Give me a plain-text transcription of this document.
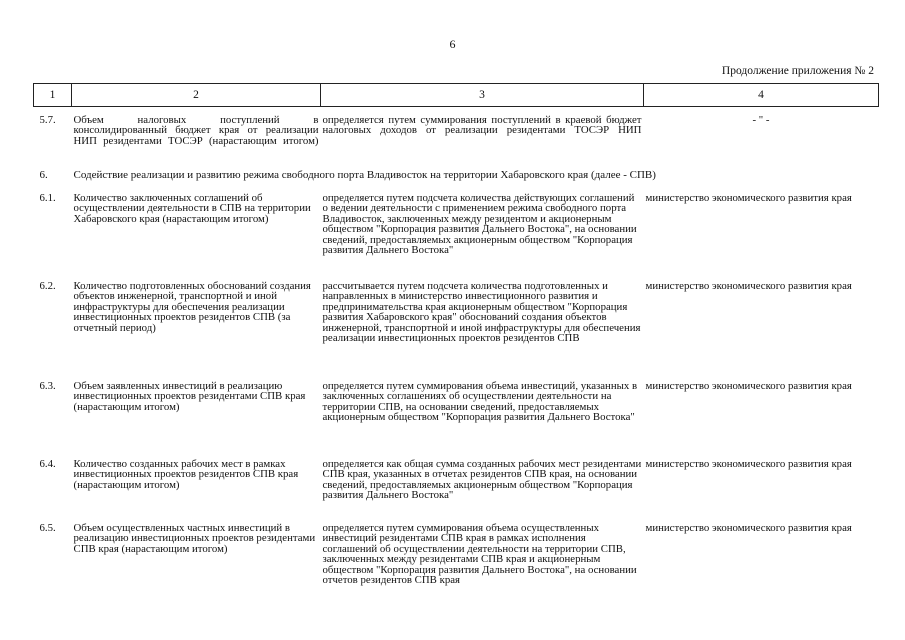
6
Продолжение приложения № 2
1	2	3	4
5.7.	Объем налоговых поступлений в консолидированный бюджет края от реализации НИП резидентами ТОСЭР (нарастающим итогом)	определяется путем суммирования поступлений в краевой бюджет налоговых доходов от реализации резидентами ТОСЭР НИП	- " -
6.	Содействие реализации и развитию режима свободного порта Владивосток на территории Хабаровского края (далее - СПВ)		
6.1.	Количество заключенных соглашений об осуществлении деятельности в СПВ на территории Хабаровского края (нарастающим итогом)	определяется путем подсчета количества действующих соглашений о ведении деятельности с применением режима свободного порта Владивосток, заключенных между резидентом и акционерным обществом "Корпорация развития Дальнего Востока", на основании сведений, предоставляемых акционерным обществом "Корпорация развития Дальнего Востока"	министерство экономического развития края
6.2.	Количество подготовленных обоснований создания объектов инженерной, транспортной и иной инфраструктуры для обеспечения реализации инвестиционных проектов резидентов СПВ (за отчетный период)	рассчитывается путем подсчета количества подготовленных и направленных в министерство инвестиционного развития и предпринимательства края акционерным обществом "Корпорация развития Хабаровского края" обоснований создания объектов инженерной, транспортной и иной инфраструктуры для обеспечения реализации инвестиционных проектов резидентов СПВ	министерство экономического развития края
6.3.	Объем заявленных инвестиций в реализацию инвестиционных проектов резидентами СПВ края (нарастающим итогом)	определяется путем суммирования объема инвестиций, указанных в заключенных соглашениях об осуществлении деятельности на территории СПВ, на основании сведений, предоставляемых акционерным обществом "Корпорация развития Дальнего Востока"	министерство экономического развития края
6.4.	Количество созданных рабочих мест в рамках инвестиционных проектов резидентов СПВ края (нарастающим итогом)	определяется как общая сумма созданных рабочих мест резидентами СПВ края, указанных в отчетах резидентов СПВ края, на основании сведений, предоставляемых акционерным обществом "Корпорация развития Дальнего Востока"	министерство экономического развития края
6.5.	Объем осуществленных частных инвестиций в реализацию инвестиционных проектов резидентами СПВ края (нарастающим итогом)	определяется путем суммирования объема осуществленных инвестиций резидентами СПВ края в рамках исполнения соглашений об осуществлении деятельности на территории СПВ, заключенных между резидентами СПВ края и акционерным обществом "Корпорация развития Дальнего Востока", на основании отчетов резидентов СПВ края	министерство экономического развития края
